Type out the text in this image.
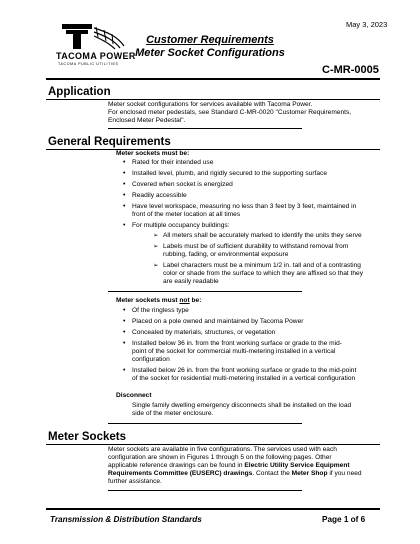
May 3, 2023
TACOMA POWER
TACOMA PUBLIC UTILITIES
Customer Requirements
Meter Socket Configurations
C-MR-0005
Application
Meter socket configurations for services available with Tacoma Power.
For enclosed meter pedestals, see Standard C-MR-0020 "Customer Requirements,
Enclosed Meter Pedestal".
General Requirements
Meter sockets must be:
• Rated for their intended use
• Installed level, plumb, and rigidly secured to the supporting surface
• Covered when socket is energized
• Readily accessible
• Have level workspace, measuring no less than 3 feet by 3 feet, maintained in
front of the meter location at all times
• For multiple occupancy buildings:
➢ All meters shall be accurately marked to identify the units they serve
➢ Labels must be of sufficient durability to withstand removal from
rubbing, fading, or environmental exposure
➢ Label characters must be a minimum 1/2 in. tall and of a contrasting
color or shade from the surface to which they are affixed so that they
are easily readable
Meter sockets must not be:
• Of the ringless type
• Placed on a pole owned and maintained by Tacoma Power
• Concealed by materials, structures, or vegetation
• Installed below 36 in. from the front working surface or grade to the mid-
point of the socket for commercial multi-metering installed in a vertical
configuration
• Installed below 26 in. from the front working surface or grade to the mid-point
of the socket for residential multi-metering installed in a vertical configuration
Disconnect
Single family dwelling emergency disconnects shall be installed on the load
side of the meter enclosure.
Meter Sockets
Meter sockets are available in five configurations. The services used with each
configuration are shown in Figures 1 through 5 on the following pages. Other
applicable reference drawings can be found in Electric Utility Service Equipment
Requirements Committee (EUSERC) drawings. Contact the Meter Shop if you need
further assistance.
Transmission & Distribution Standards	Page 1 of 6
